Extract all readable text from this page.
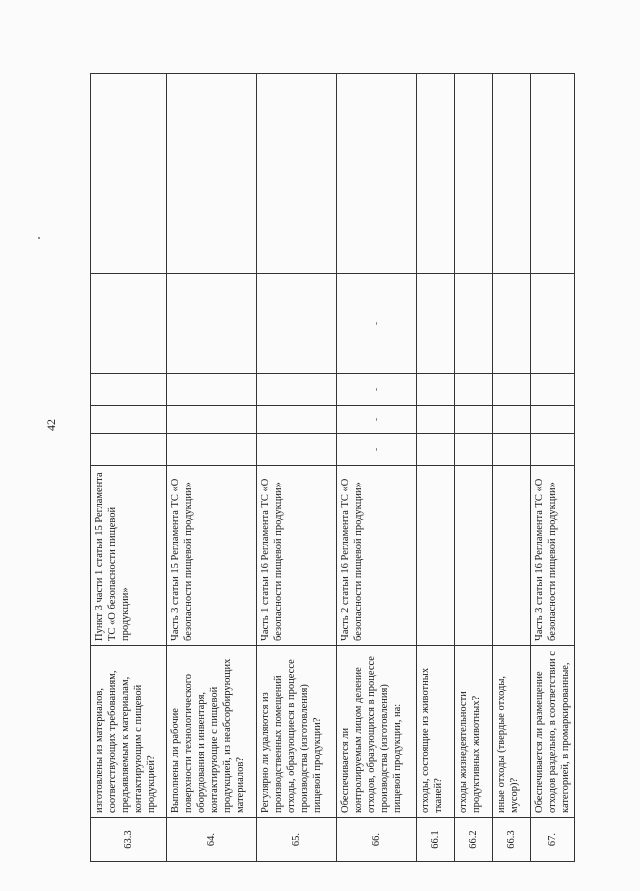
42
63.3	изготовлены из материалов, соответствующих требованиям, предъявляемым к материалам, контактирующим с пищевой продукцией?	Пункт 3 части 1 статьи 15 Регламента ТС «О безопасности пищевой продукции»					
64.	Выполнены ли рабочие поверхности технологического оборудования и инвентаря, контактирующие с пищевой продукцией, из неабсорбирующих материалов?	Часть 3 статьи 15 Регламента ТС «О безопасности пищевой продукции»					
65.	Регулярно ли удаляются из производственных помещений отходы, образующиеся в процессе производства (изготовления) пищевой продукции?	Часть 1 статьи 16 Регламента ТС «О безопасности пищевой продукции»					
66.	Обеспечивается ли контролируемым лицом деление отходов, образующихся в процессе производства (изготовления) пищевой продукции, на:	Часть 2 статьи 16 Регламента ТС «О безопасности пищевой продукции»	-	-	-	-	
66.1	отходы, состоящие из животных тканей?						
66.2	отходы жизнедеятельности продуктивных животных?						
66.3	иные отходы (твердые отходы, мусор)?						
67.	Обеспечивается ли размещение отходов раздельно, в соответствии с категорией, в промаркированные,	Часть 3 статьи 16 Регламента ТС «О безопасности пищевой продукции»					
